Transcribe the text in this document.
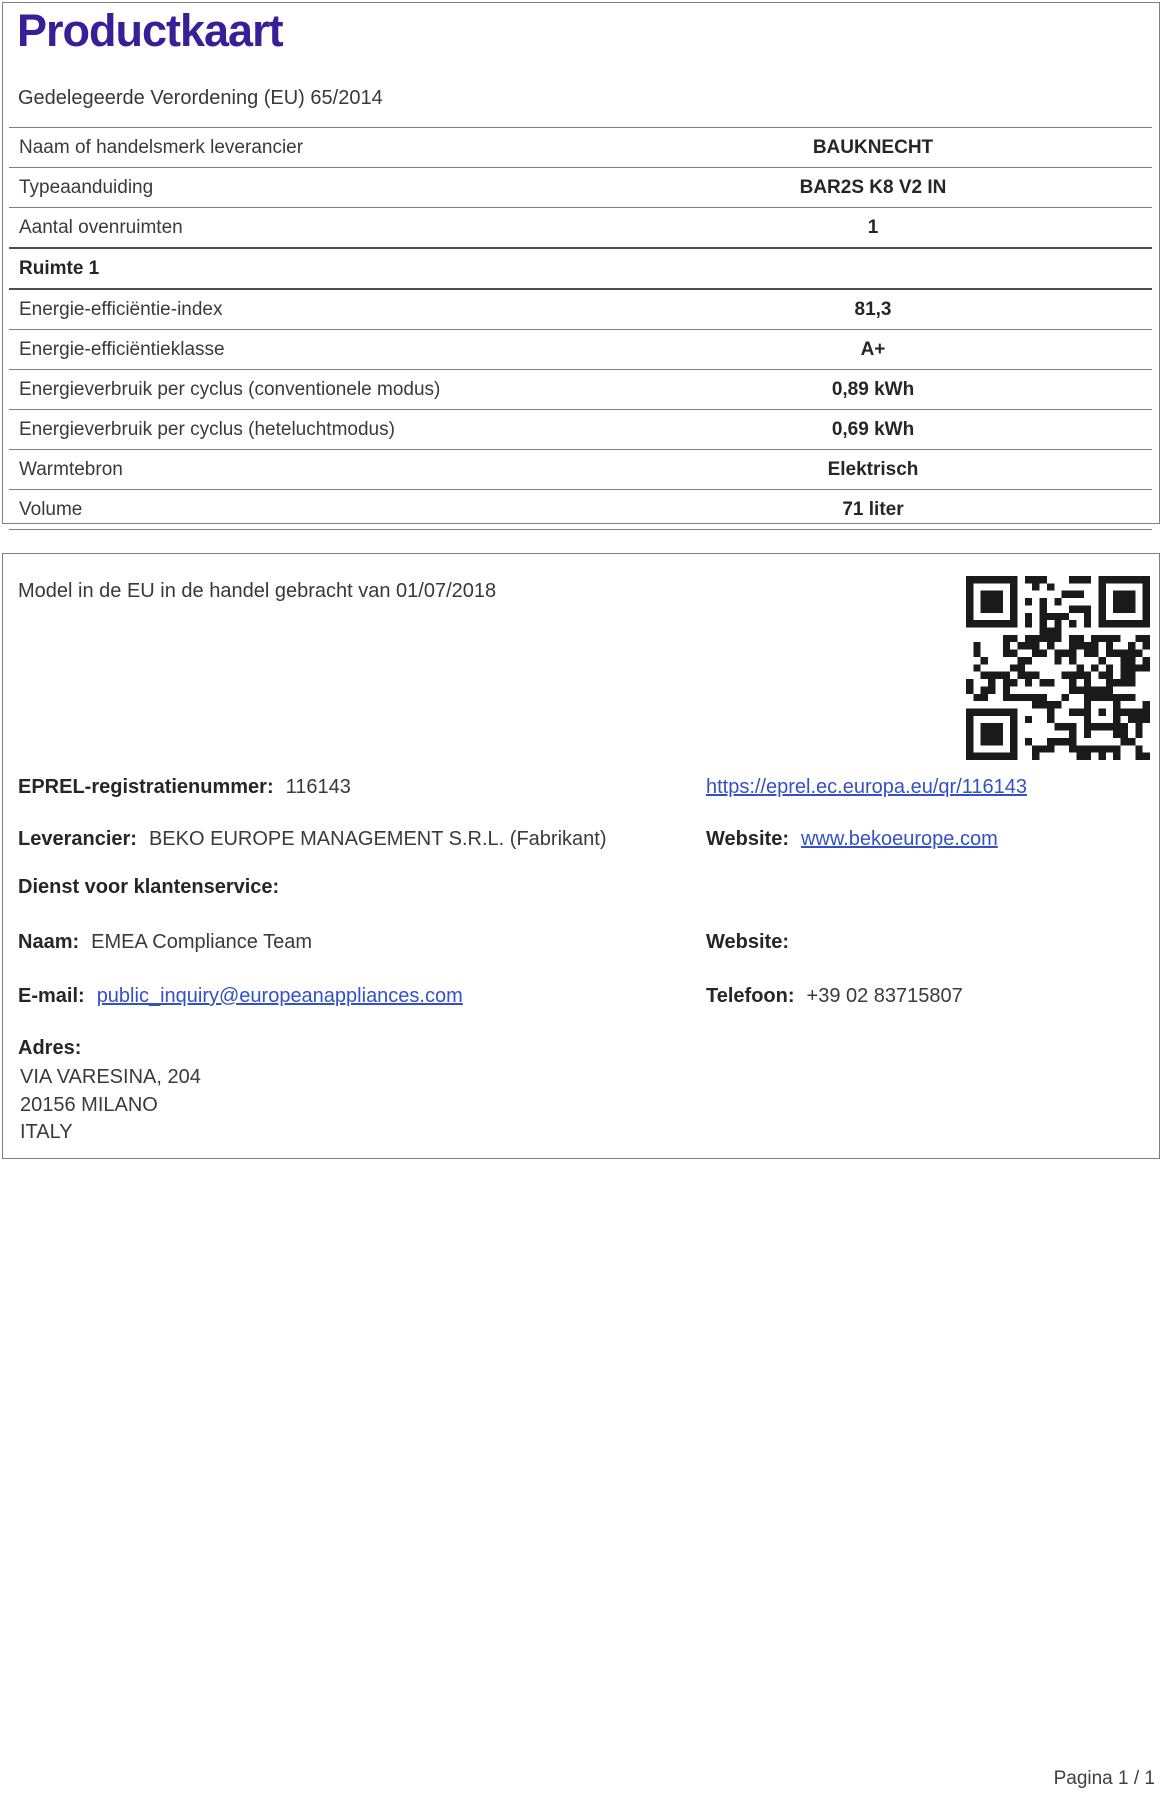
Productkaart
Gedelegeerde Verordening (EU) 65/2014
Naam of handelsmerk leverancier	BAUKNECHT
Typeaanduiding	BAR2S K8 V2 IN
Aantal ovenruimten	1
Ruimte 1
Energie-efficiëntie-index	81,3
Energie-efficiëntieklasse	A+
Energieverbruik per cyclus (conventionele modus)	0,89 kWh
Energieverbruik per cyclus (heteluchtmodus)	0,69 kWh
Warmtebron	Elektrisch
Volume	71 liter
Model in de EU in de handel gebracht van 01/07/2018
EPREL-registratienummer: 116143	https://eprel.ec.europa.eu/qr/116143
Leverancier: BEKO EUROPE MANAGEMENT S.R.L. (Fabrikant)	Website: www.bekoeurope.com
Dienst voor klantenservice:
Naam: EMEA Compliance Team	Website:
E-mail: public_inquiry@europeanappliances.com	Telefoon: +39 02 83715807
Adres:
VIA VARESINA, 204
20156 MILANO
ITALY
Pagina 1 / 1
